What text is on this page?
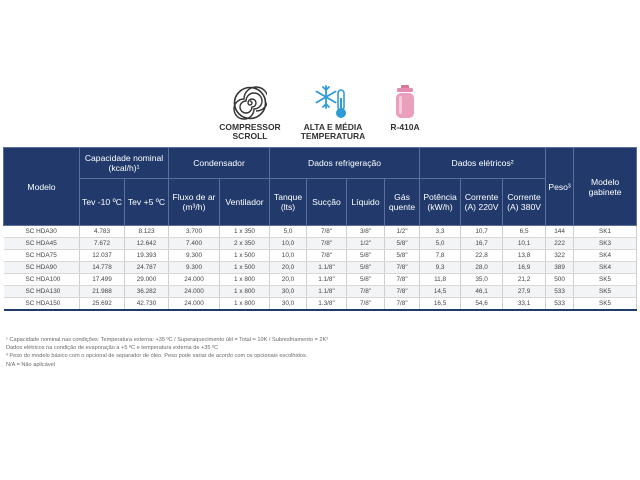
COMPRESSOR
SCROLL
ALTA E MÉDIA
TEMPERATURA
R-410A
Modelo	Capacidade nominal (kcal/h)¹		Condensador		Dados refrigeração				Dados elétricos²			Peso³	Modelo gabinete
	Tev -10 ºC	Tev +5 ºC	Fluxo de ar (m³/h)	Ventilador	Tanque (lts)	Sucção	Líquido	Gás quente	Potência (kW/h)	Corrente (A) 220V	Corrente (A) 380V		
SC HDA30	4.783	8.123	3.700	1 x 350	5,0	7/8"	3/8"	1/2"	3,3	10,7	6,5	144	SK1
SC HDA45	7.672	12.642	7.400	2 x 350	10,0	7/8"	1/2"	5/8"	5,0	16,7	10,1	222	SK3
SC HDA75	12.037	19.393	9.300	1 x 500	10,0	7/8"	5/8"	5/8"	7,8	22,8	13,8	322	SK4
SC HDA90	14.778	24.787	9.300	1 x 500	20,0	1.1/8"	5/8"	7/8"	9,3	28,0	16,9	389	SK4
SC HDA100	17.499	29.000	24.000	1 x 800	20,0	1.1/8"	5/8"	7/8"	11,8	35,0	21,2	500	SK5
SC HDA130	21.988	36.282	24.000	1 x 800	30,0	1.1/8"	7/8"	7/8"	14,5	46,1	27,9	533	SK5
SC HDA150	25.692	42.730	24.000	1 x 800	30,0	1.3/8"	7/8"	7/8"	16,5	54,6	33,1	533	SK5
¹ Capacidade nominal nas condições: Temperatura externa: +35 ºC / Superaquecimento útil = Total = 10K / Subresfriamento = 2K²
Dados elétricos na condição de evaporação a +5 ºC e temperatura externa de +35 ºC
³ Peso do modelo básico com o opcional de separador de óleo. Peso pode variar de acordo com os opcionais escolhidos.
N/A = Não aplicável
